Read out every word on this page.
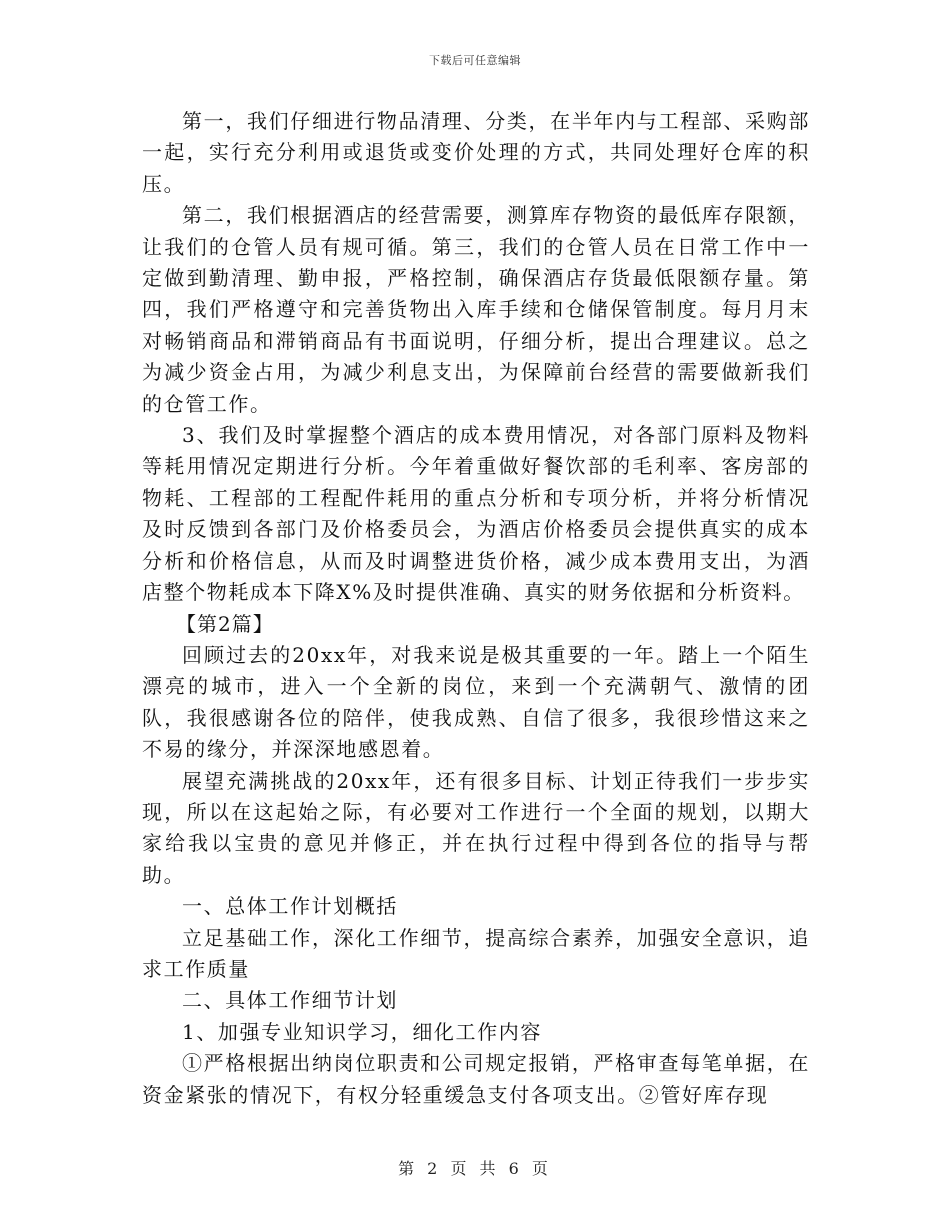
下载后可任意编辑

第一，我们仔细进行物品清理、分类，在半年内与工程部、采购部一起，实行充分利用或退货或变价处理的方式，共同处理好仓库的积压。

第二，我们根据酒店的经营需要，测算库存物资的最低库存限额，让我们的仓管人员有规可循。第三，我们的仓管人员在日常工作中一定做到勤清理、勤申报，严格控制，确保酒店存货最低限额存量。第四，我们严格遵守和完善货物出入库手续和仓储保管制度。每月月末对畅销商品和滞销商品有书面说明，仔细分析，提出合理建议。总之为减少资金占用，为减少利息支出，为保障前台经营的需要做新我们的仓管工作。

3、我们及时掌握整个酒店的成本费用情况，对各部门原料及物料等耗用情况定期进行分析。今年着重做好餐饮部的毛利率、客房部的物耗、工程部的工程配件耗用的重点分析和专项分析，并将分析情况及时反馈到各部门及价格委员会，为酒店价格委员会提供真实的成本分析和价格信息，从而及时调整进货价格，减少成本费用支出，为酒店整个物耗成本下降X%及时提供准确、真实的财务依据和分析资料。

【第2篇】

回顾过去的20xx年，对我来说是极其重要的一年。踏上一个陌生漂亮的城市，进入一个全新的岗位，来到一个充满朝气、激情的团队，我很感谢各位的陪伴，使我成熟、自信了很多，我很珍惜这来之不易的缘分，并深深地感恩着。

展望充满挑战的20xx年，还有很多目标、计划正待我们一步步实现，所以在这起始之际，有必要对工作进行一个全面的规划，以期大家给我以宝贵的意见并修正，并在执行过程中得到各位的指导与帮助。

一、总体工作计划概括

立足基础工作，深化工作细节，提高综合素养，加强安全意识，追求工作质量

二、具体工作细节计划

1、加强专业知识学习，细化工作内容

①严格根据出纳岗位职责和公司规定报销，严格审查每笔单据，在资金紧张的情况下，有权分轻重缓急支付各项支出。②管好库存现

第 2 页 共 6 页
